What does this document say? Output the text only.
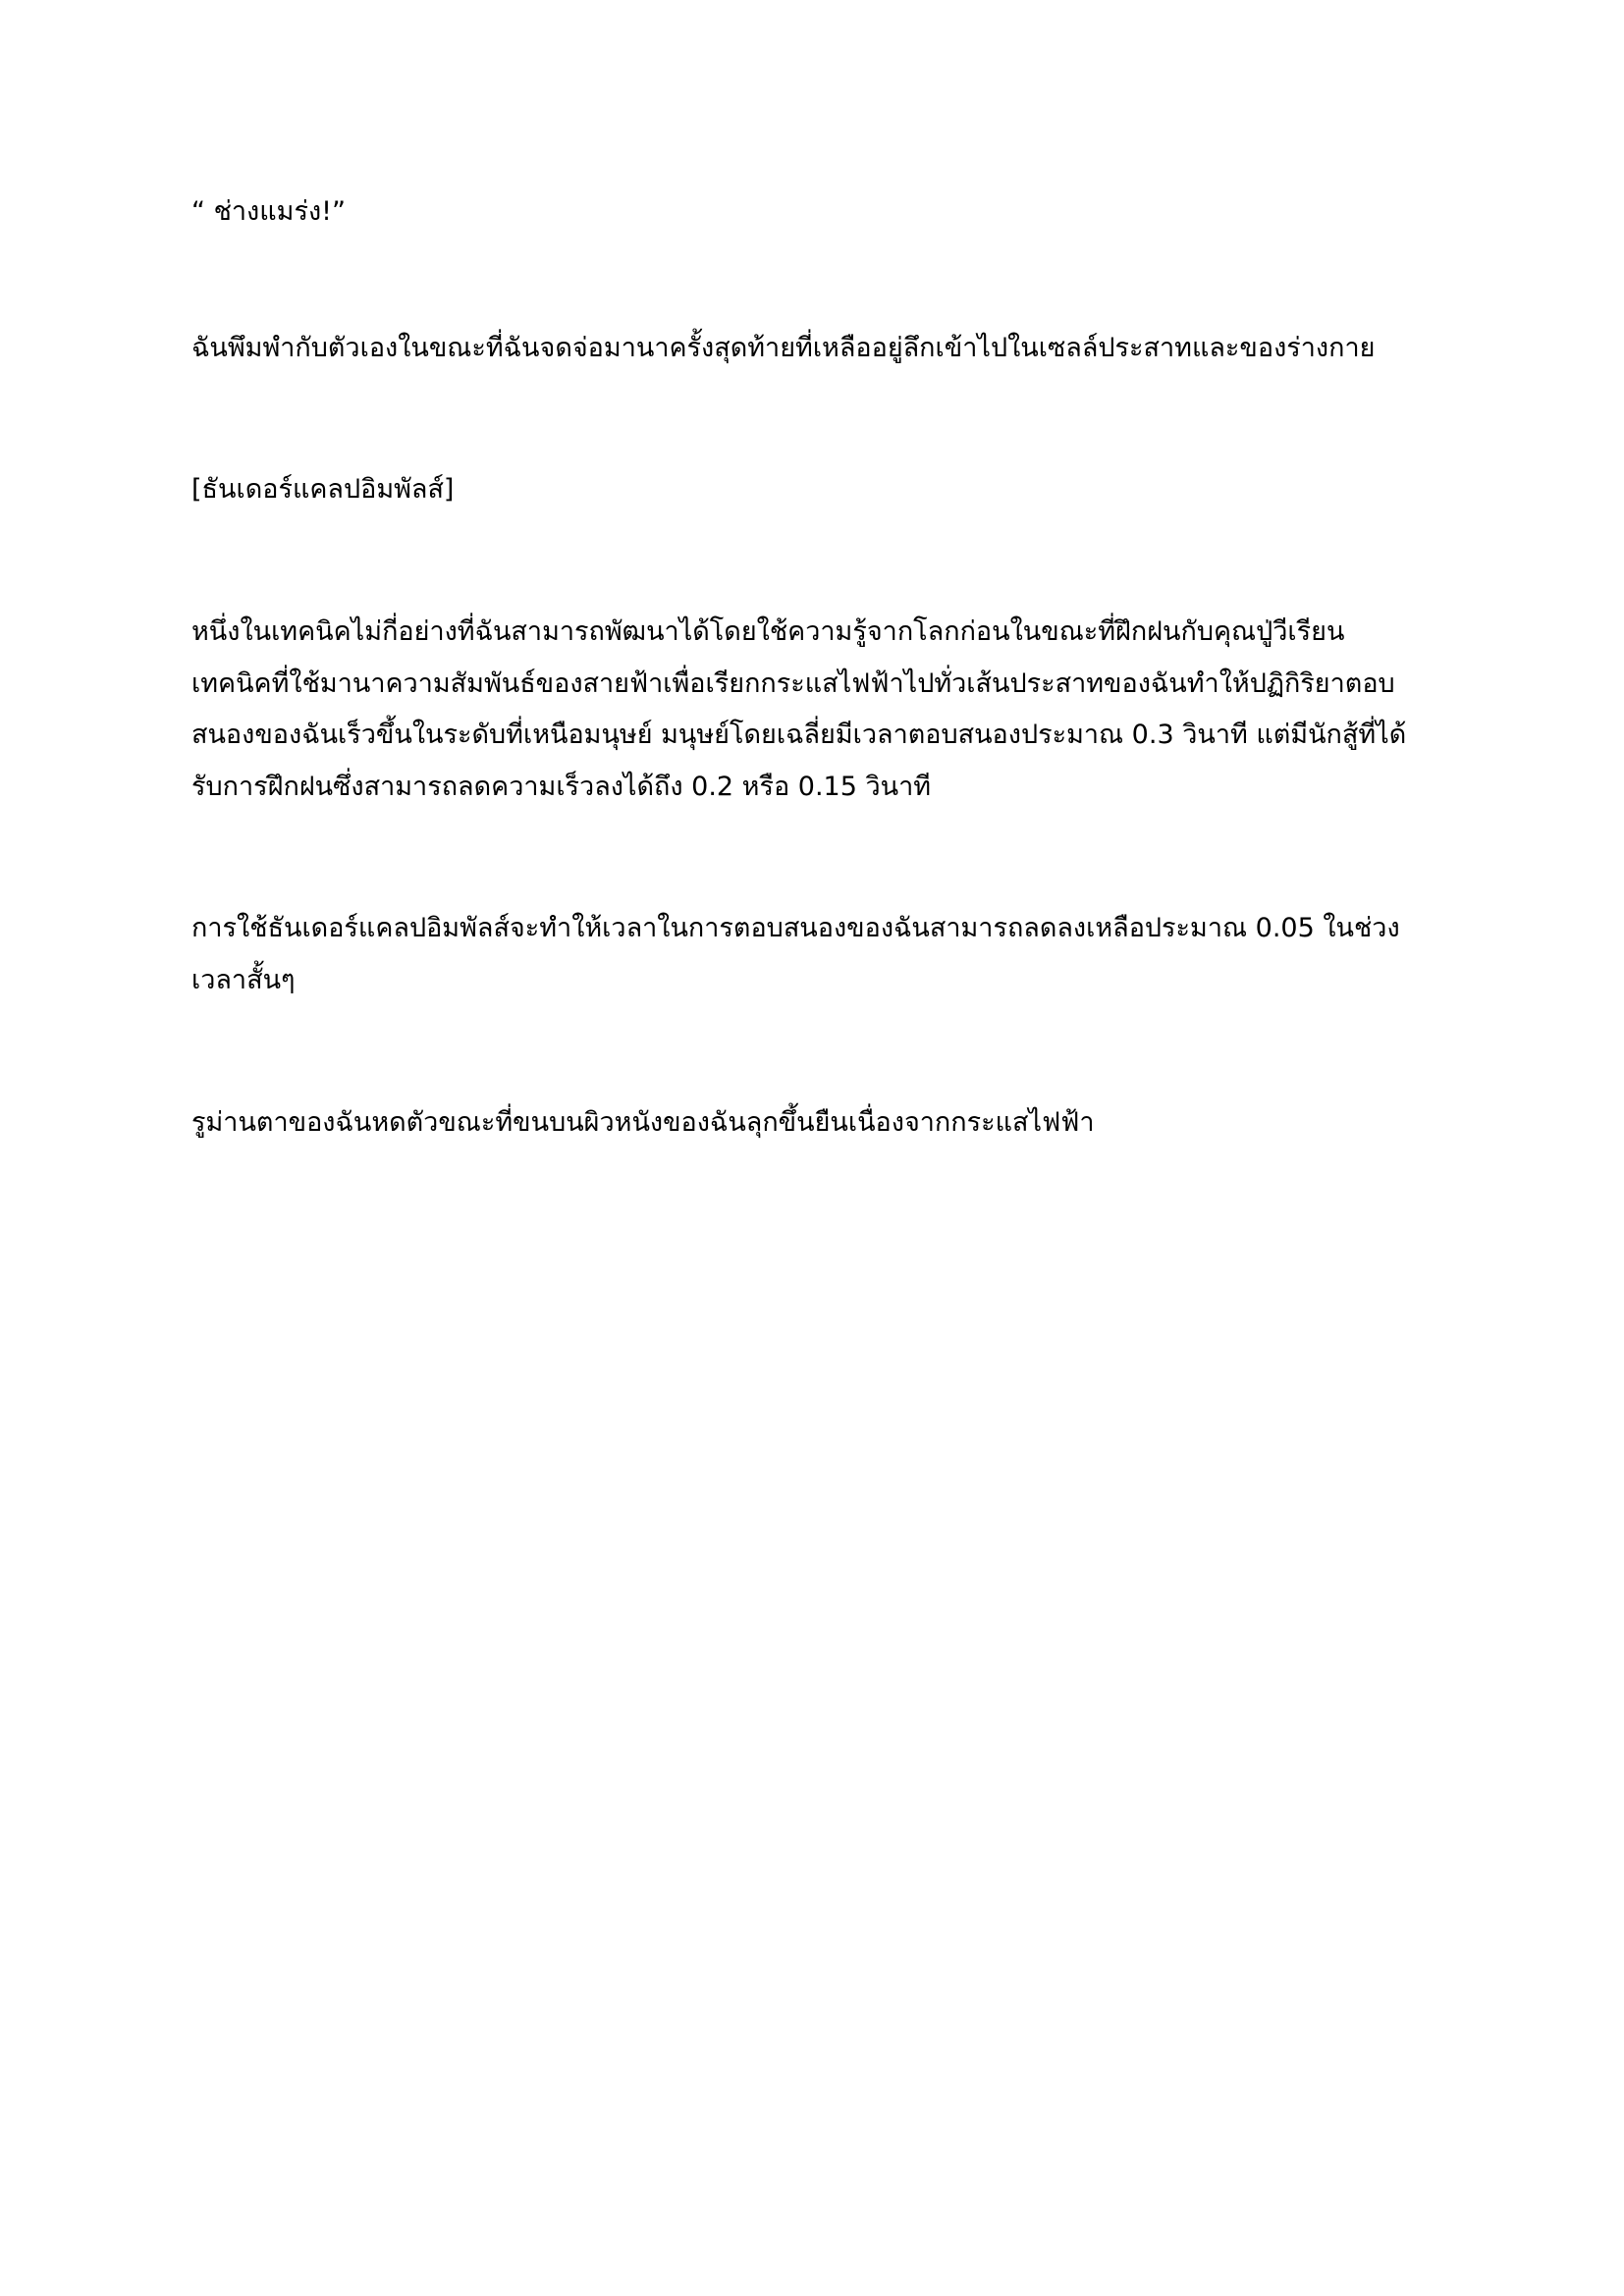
“ ช่างแมร่ง!”

ฉันพึมพำกับตัวเองในขณะที่ฉันจดจ่อมานาครั้งสุดท้ายที่เหลืออยู่ลึกเข้าไปในเซลล์ประสาทและของร่างกาย

[ธันเดอร์แคลปอิมพัลส์]

หนึ่งในเทคนิคไม่กี่อย่างที่ฉันสามารถพัฒนาได้โดยใช้ความรู้จากโลกก่อนในขณะที่ฝึกฝนกับคุณปู่วีเรียน เทคนิคที่ใช้มานาความสัมพันธ์ของสายฟ้าเพื่อเรียกกระแสไฟฟ้าไปทั่วเส้นประสาทของฉันทำให้ปฏิกิริยาตอบสนองของฉันเร็วขึ้นในระดับที่เหนือมนุษย์ มนุษย์โดยเฉลี่ยมีเวลาตอบสนองประมาณ 0.3 วินาที แต่มีนักสู้ที่ได้รับการฝึกฝนซึ่งสามารถลดความเร็วลงได้ถึง 0.2 หรือ 0.15 วินาที

การใช้ธันเดอร์แคลปอิมพัลส์จะทำให้เวลาในการตอบสนองของฉันสามารถลดลงเหลือประมาณ 0.05 ในช่วงเวลาสั้นๆ

รูม่านตาของฉันหดตัวขณะที่ขนบนผิวหนังของฉันลุกขึ้นยืนเนื่องจากกระแสไฟฟ้า
